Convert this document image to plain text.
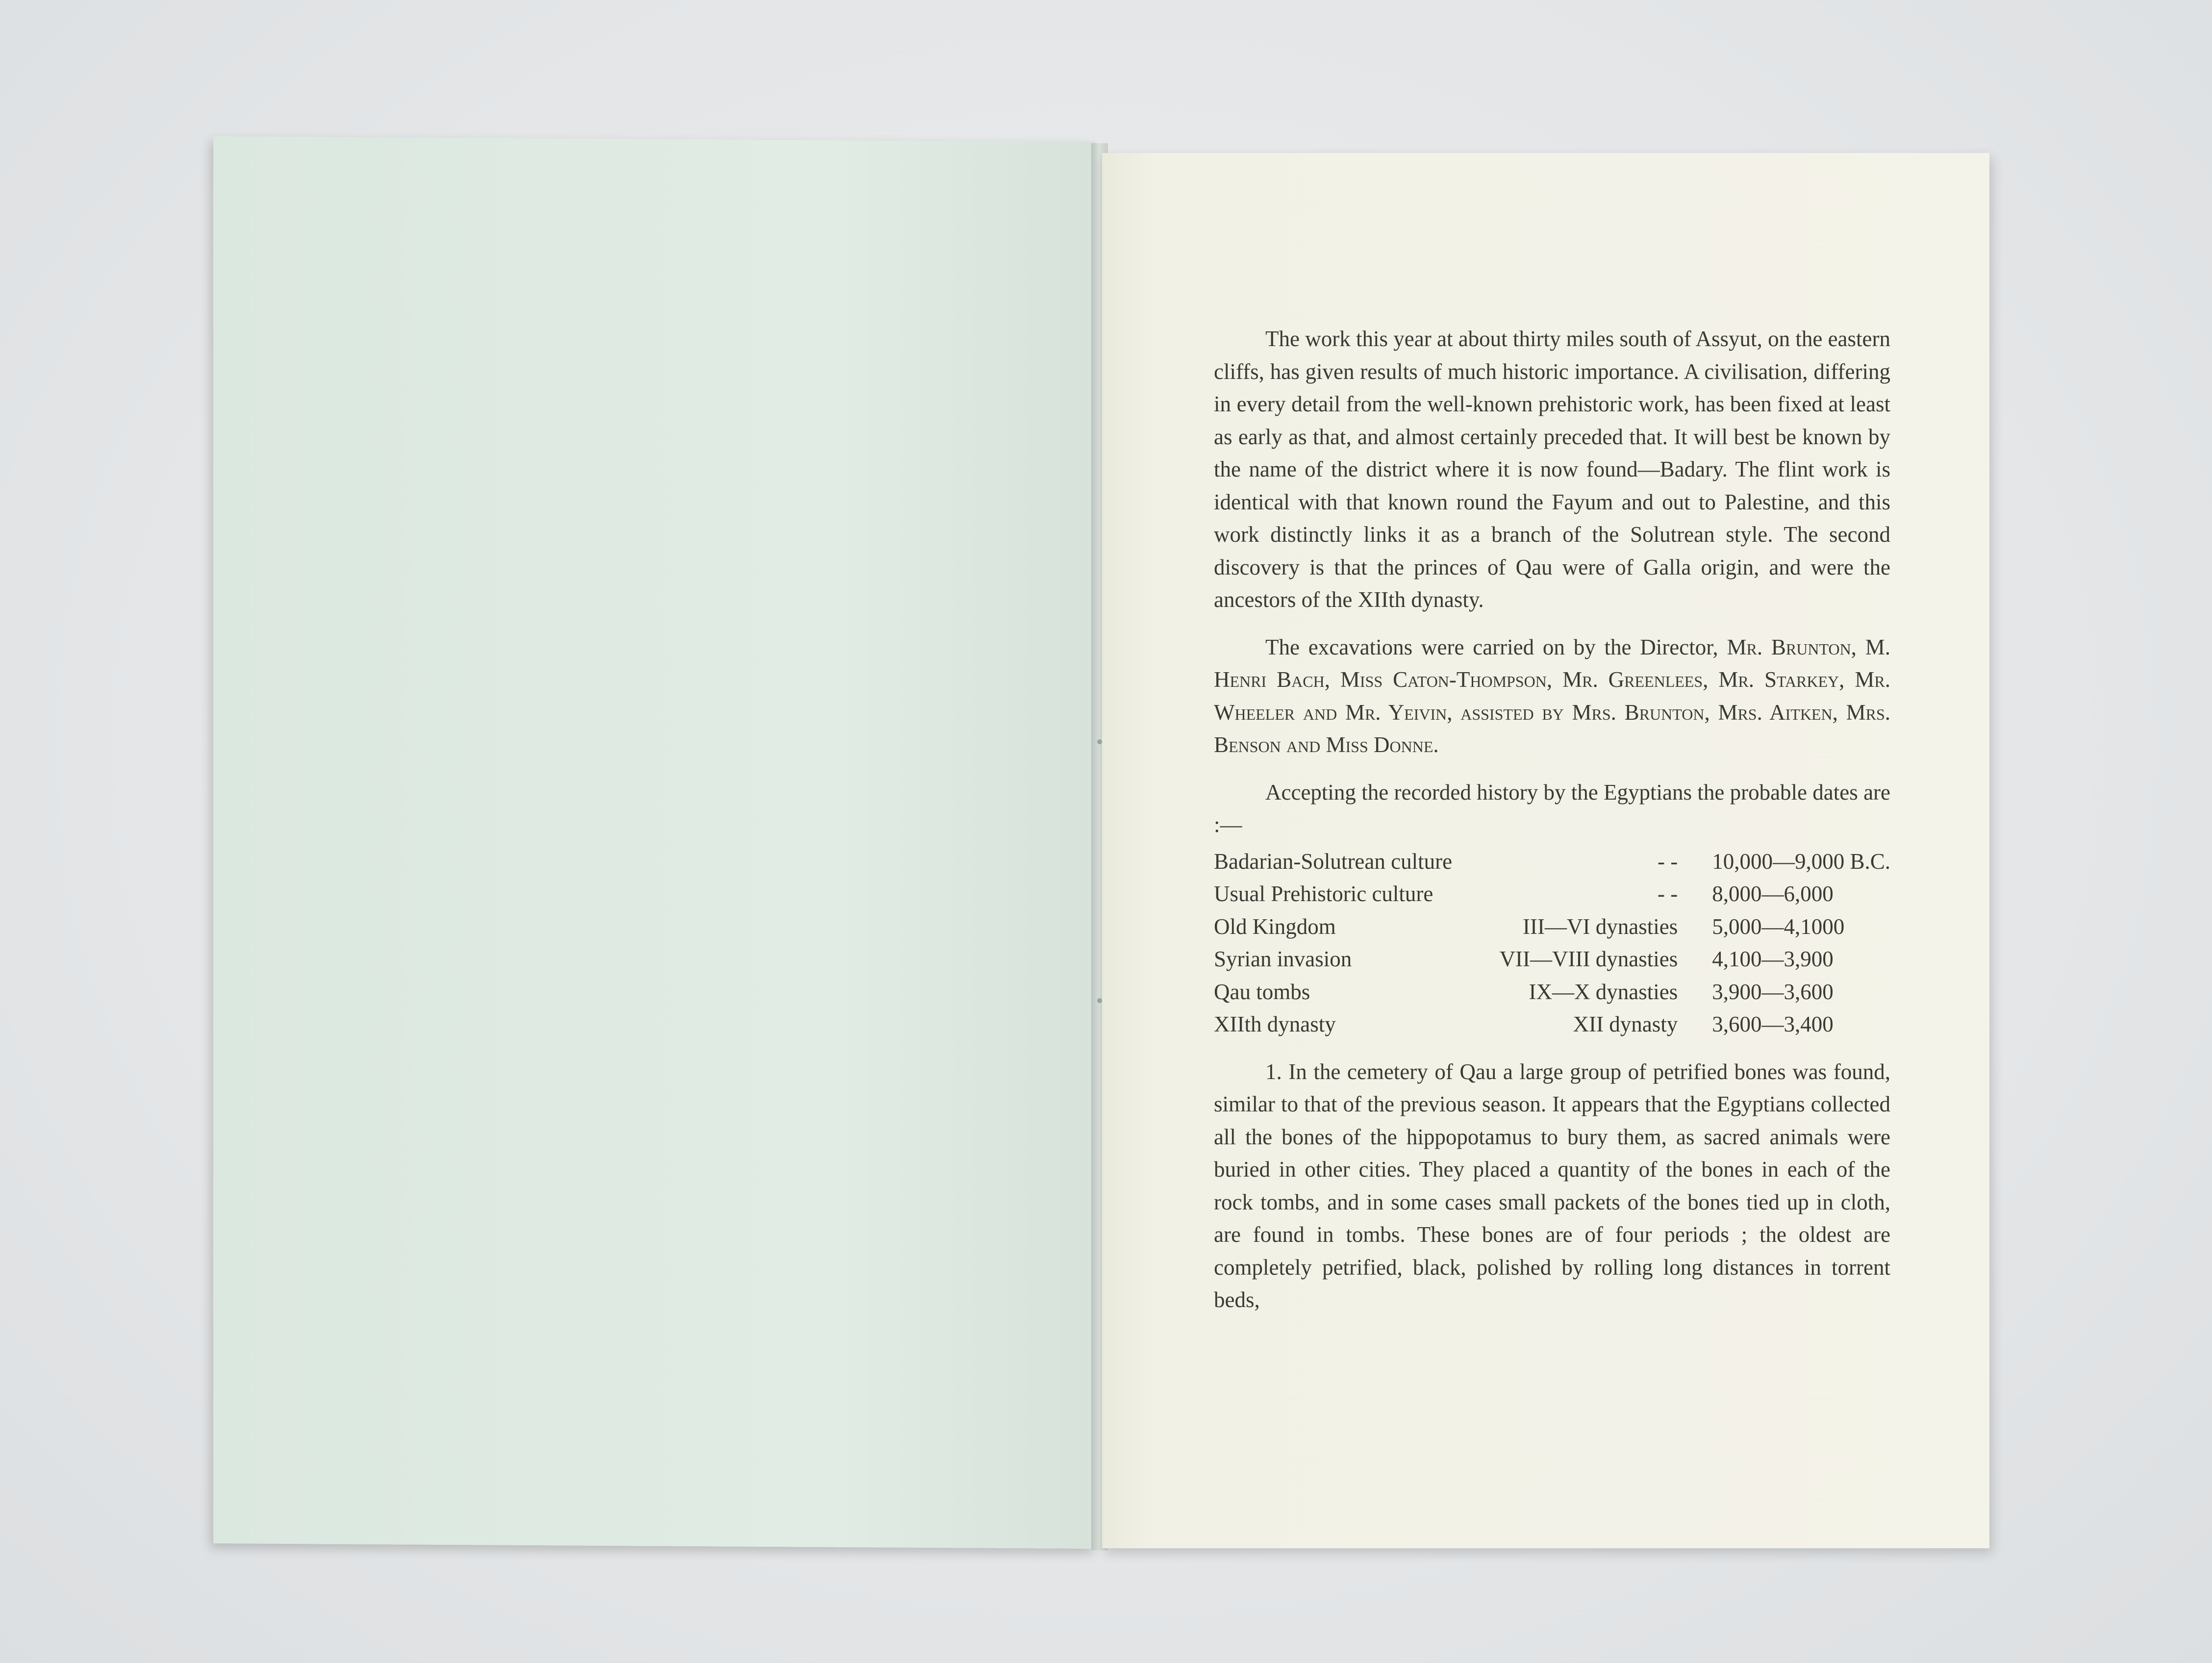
The work this year at about thirty miles south of Assyut, on the eastern cliffs, has given results of much historic importance. A civilisation, differing in every detail from the well-known prehistoric work, has been fixed at least as early as that, and almost certainly preceded that. It will best be known by the name of the district where it is now found—Badary. The flint work is identical with that known round the Fayum and out to Palestine, and this work distinctly links it as a branch of the Solutrean style. The second discovery is that the princes of Qau were of Galla origin, and were the ancestors of the XIIth dynasty.

The excavations were carried on by the Director, Mr. Brunton, M. Henri Bach, Miss Caton-Thompson, Mr. Greenlees, Mr. Starkey, Mr. Wheeler and Mr. Yeivin, assisted by Mrs. Brunton, Mrs. Aitken, Mrs. Benson and Miss Donne.

Accepting the recorded history by the Egyptians the probable dates are :—

Badarian-Solutrean culture	- -	10,000—9,000 B.C.
Usual Prehistoric culture	- -	8,000—6,000
Old Kingdom	III—VI dynasties	5,000—4,1000
Syrian invasion	VII—VIII dynasties	4,100—3,900
Qau tombs	IX—X dynasties	3,900—3,600
XIIth dynasty	XII dynasty	3,600—3,400

1. In the cemetery of Qau a large group of petrified bones was found, similar to that of the previous season. It appears that the Egyptians collected all the bones of the hippopotamus to bury them, as sacred animals were buried in other cities. They placed a quantity of the bones in each of the rock tombs, and in some cases small packets of the bones tied up in cloth, are found in tombs. These bones are of four periods ; the oldest are completely petrified, black, polished by rolling long distances in torrent beds,
